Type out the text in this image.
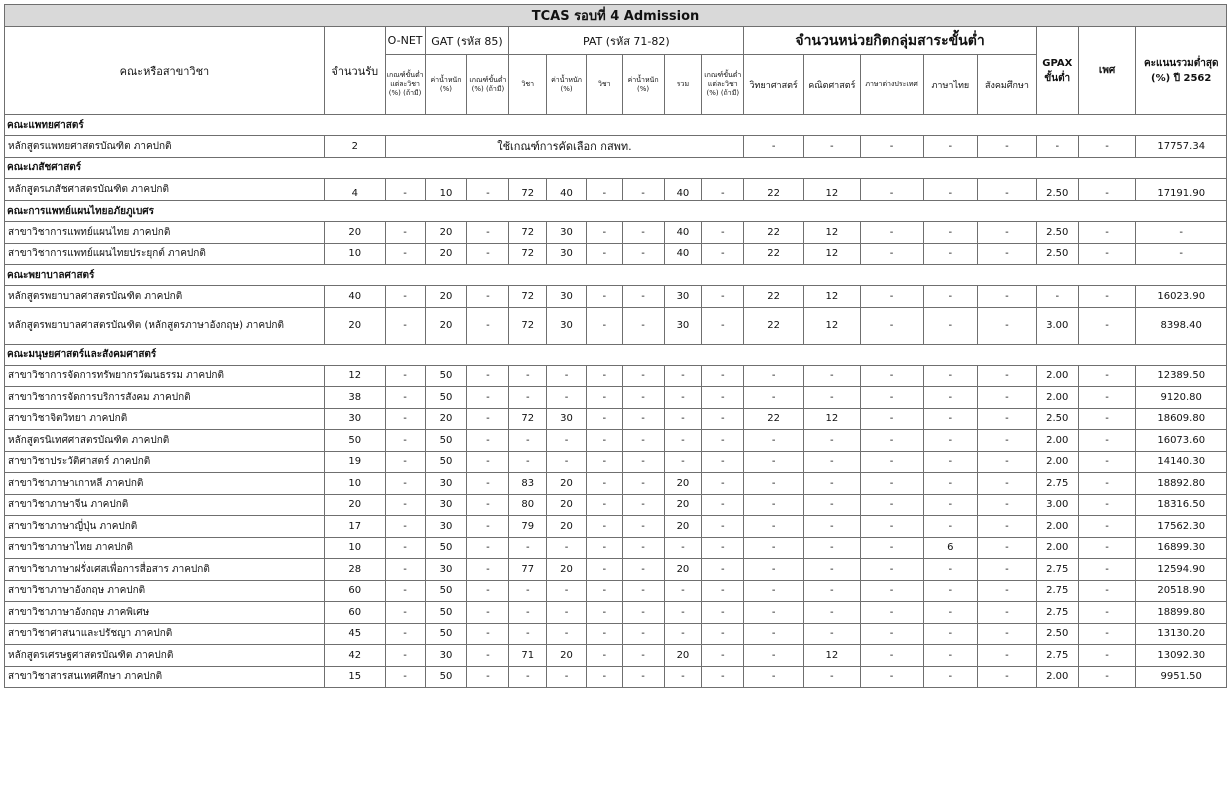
TCAS รอบที่ 4 Admission																		
คณะหรือสาขาวิชา	จำนวนรับ	O-NET	GAT (รหัส 85)		PAT (รหัส 71-82)						จำนวนหน่วยกิตกลุ่มสาระขั้นต่ำ					GPAX ขั้นต่ำ	เพศ	คะแนนรวมต่ำสุด (%) ปี 2562
		เกณฑ์ขั้นต่ำแต่ละวิชา (%) (ถ้ามี)	ค่าน้ำหนัก (%)	เกณฑ์ขั้นต่ำ (%) (ถ้ามี)	วิชา	ค่าน้ำหนัก (%)	วิชา	ค่าน้ำหนัก (%)	รวม	เกณฑ์ขั้นต่ำแต่ละวิชา (%) (ถ้ามี)	วิทยาศาสตร์	คณิตศาสตร์	ภาษาต่างประเทศ	ภาษาไทย	สังคมศึกษา			
คณะแพทยศาสตร์																		
หลักสูตรแพทยศาสตรบัณฑิต ภาคปกติ	2	ใช้เกณฑ์การคัดเลือก กสพท.									-	-	-	-	-	-	-	17757.34
คณะเภสัชศาสตร์																		
หลักสูตรเภสัชศาสตรบัณฑิต ภาคปกติ	4	-	10	-	72	40	-	-	40	-	22	12	-	-	-	2.50	-	17191.90
คณะการแพทย์แผนไทยอภัยภูเบศร																		
สาขาวิชาการแพทย์แผนไทย ภาคปกติ	20	-	20	-	72	30	-	-	40	-	22	12	-	-	-	2.50	-	-
สาขาวิชาการแพทย์แผนไทยประยุกต์ ภาคปกติ	10	-	20	-	72	30	-	-	40	-	22	12	-	-	-	2.50	-	-
คณะพยาบาลศาสตร์																		
หลักสูตรพยาบาลศาสตรบัณฑิต ภาคปกติ	40	-	20	-	72	30	-	-	30	-	22	12	-	-	-	-	-	16023.90
หลักสูตรพยาบาลศาสตรบัณฑิต (หลักสูตรภาษาอังกฤษ) ภาคปกติ	20	-	20	-	72	30	-	-	30	-	22	12	-	-	-	3.00	-	8398.40
คณะมนุษยศาสตร์และสังคมศาสตร์																		
สาขาวิชาการจัดการทรัพยากรวัฒนธรรม ภาคปกติ	12	-	50	-	-	-	-	-	-	-	-	-	-	-	-	2.00	-	12389.50
สาขาวิชาการจัดการบริการสังคม ภาคปกติ	38	-	50	-	-	-	-	-	-	-	-	-	-	-	-	2.00	-	9120.80
สาขาวิชาจิตวิทยา ภาคปกติ	30	-	20	-	72	30	-	-	-	-	22	12	-	-	-	2.50	-	18609.80
หลักสูตรนิเทศศาสตรบัณฑิต ภาคปกติ	50	-	50	-	-	-	-	-	-	-	-	-	-	-	-	2.00	-	16073.60
สาขาวิชาประวัติศาสตร์ ภาคปกติ	19	-	50	-	-	-	-	-	-	-	-	-	-	-	-	2.00	-	14140.30
สาขาวิชาภาษาเกาหลี ภาคปกติ	10	-	30	-	83	20	-	-	20	-	-	-	-	-	-	2.75	-	18892.80
สาขาวิชาภาษาจีน ภาคปกติ	20	-	30	-	80	20	-	-	20	-	-	-	-	-	-	3.00	-	18316.50
สาขาวิชาภาษาญี่ปุ่น ภาคปกติ	17	-	30	-	79	20	-	-	20	-	-	-	-	-	-	2.00	-	17562.30
สาขาวิชาภาษาไทย ภาคปกติ	10	-	50	-	-	-	-	-	-	-	-	-	-	6	-	2.00	-	16899.30
สาขาวิชาภาษาฝรั่งเศสเพื่อการสื่อสาร ภาคปกติ	28	-	30	-	77	20	-	-	20	-	-	-	-	-	-	2.75	-	12594.90
สาขาวิชาภาษาอังกฤษ ภาคปกติ	60	-	50	-	-	-	-	-	-	-	-	-	-	-	-	2.75	-	20518.90
สาขาวิชาภาษาอังกฤษ ภาคพิเศษ	60	-	50	-	-	-	-	-	-	-	-	-	-	-	-	2.75	-	18899.80
สาขาวิชาศาสนาและปรัชญา ภาคปกติ	45	-	50	-	-	-	-	-	-	-	-	-	-	-	-	2.50	-	13130.20
หลักสูตรเศรษฐศาสตรบัณฑิต ภาคปกติ	42	-	30	-	71	20	-	-	20	-	-	12	-	-	-	2.75	-	13092.30
สาขาวิชาสารสนเทศศึกษา ภาคปกติ	15	-	50	-	-	-	-	-	-	-	-	-	-	-	-	2.00	-	9951.50
